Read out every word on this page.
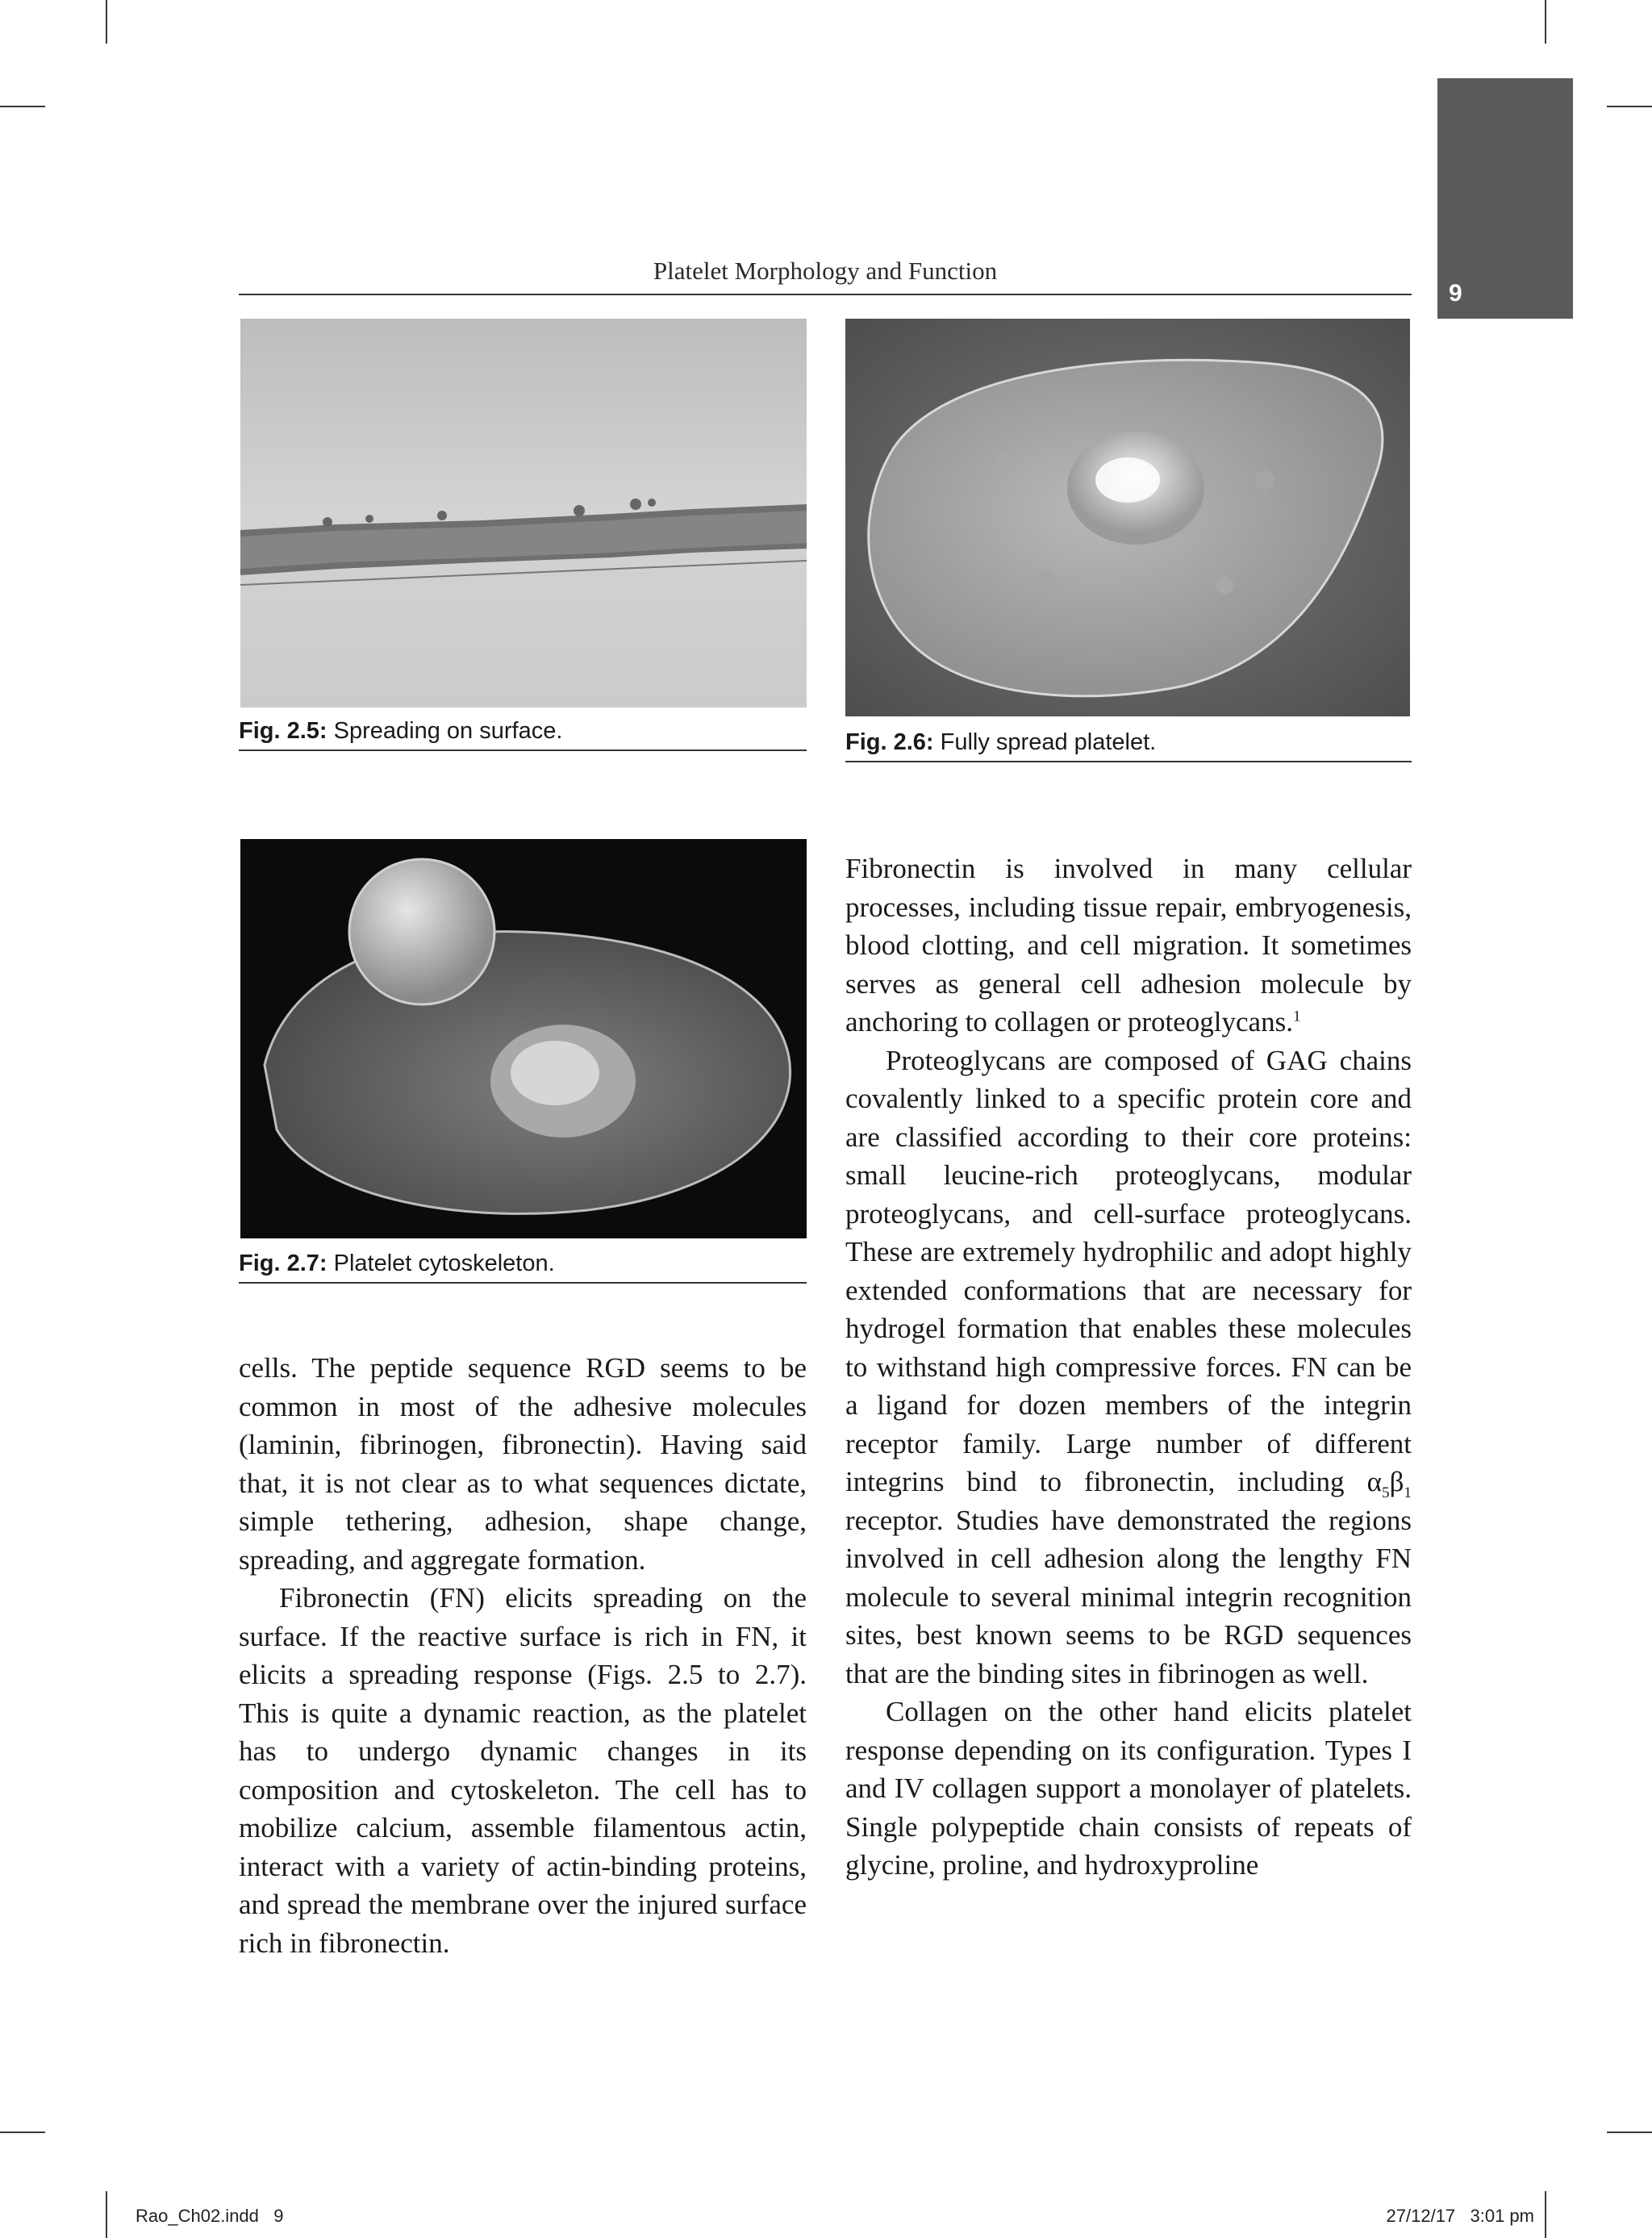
9
Platelet Morphology and Function
Fig. 2.5: Spreading on surface.	Fig. 2.6: Fully spread platelet.
Fig. 2.7: Platelet cytoskeleton.

cells. The peptide sequence RGD seems to be common in most of the adhesive molecules (laminin, fibrinogen, fibronectin). Having said that, it is not clear as to what sequences dictate, simple tethering, adhesion, shape change, spreading, and aggregate formation.

Fibronectin (FN) elicits spreading on the surface. If the reactive surface is rich in FN, it elicits a spreading response (Figs. 2.5 to 2.7). This is quite a dynamic reaction, as the platelet has to undergo dynamic changes in its composition and cytoskeleton. The cell has to mobilize calcium, assemble filamentous actin, interact with a variety of actin-binding proteins, and spread the membrane over the injured surface rich in fibronectin.

Fibronectin is involved in many cellular processes, including tissue repair, embryogenesis, blood clotting, and cell migration. It sometimes serves as general cell adhesion molecule by anchoring to collagen or proteoglycans.$^1$

Proteoglycans are composed of GAG chains covalently linked to a specific protein core and are classified according to their core proteins: small leucine-rich proteoglycans, modular proteoglycans, and cell-surface proteoglycans. These are extremely hydrophilic and adopt highly extended conformations that are necessary for hydrogel formation that enables these molecules to withstand high compressive forces. FN can be a ligand for dozen members of the integrin receptor family. Large number of different integrins bind to fibronectin, including $\alpha_5\beta_1$ receptor. Studies have demonstrated the regions involved in cell adhesion along the lengthy FN molecule to several minimal integrin recognition sites, best known seems to be RGD sequences that are the binding sites in fibrinogen as well.

Collagen on the other hand elicits platelet response depending on its configuration. Types I and IV collagen support a monolayer of platelets. Single polypeptide chain consists of repeats of glycine, proline, and hydroxyproline

Rao_Ch02.indd   9	27/12/17   3:01 pm
